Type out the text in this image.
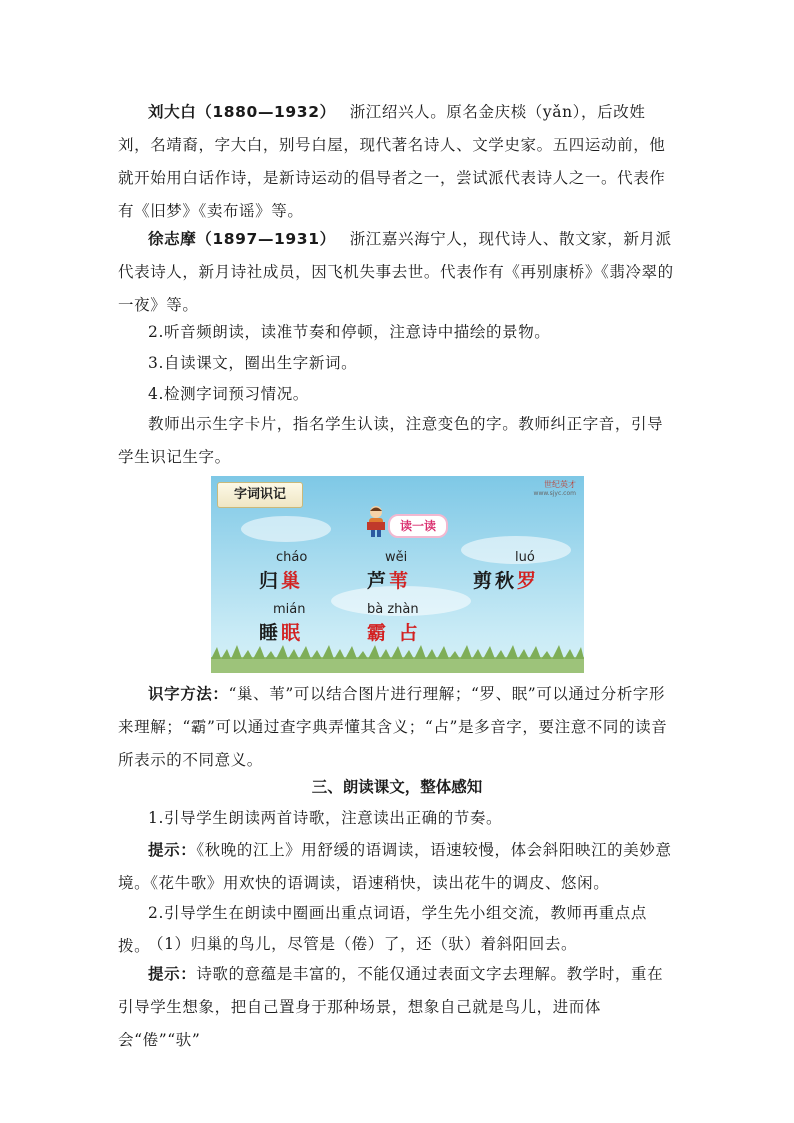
刘大白（1880—1932） 浙江绍兴人。原名金庆棪（yǎn），后改姓刘，名靖裔，字大白，别号白屋，现代著名诗人、文学史家。五四运动前，他就开始用白话作诗，是新诗运动的倡导者之一，尝试派代表诗人之一。代表作有《旧梦》《卖布谣》等。

徐志摩（1897—1931） 浙江嘉兴海宁人，现代诗人、散文家，新月派代表诗人，新月诗社成员，因飞机失事去世。代表作有《再别康桥》《翡冷翠的一夜》等。

2.听音频朗读，读准节奏和停顿，注意诗中描绘的景物。

3.自读课文，圈出生字新词。

4.检测字词预习情况。

教师出示生字卡片，指名学生认读，注意变色的字。教师纠正字音，引导学生识记生字。

字词识记
世纪英才
www.sjyc.com
读一读
cháo
归巢
wěi
芦苇
luó
剪秋罗
mián
睡眠
bà zhàn
霸 占

识字方法：“巢、苇”可以结合图片进行理解；“罗、眠”可以通过分析字形来理解；“霸”可以通过查字典弄懂其含义；“占”是多音字，要注意不同的读音所表示的不同意义。

三、朗读课文，整体感知

1.引导学生朗读两首诗歌，注意读出正确的节奏。

提示：《秋晚的江上》用舒缓的语调读，语速较慢，体会斜阳映江的美妙意境。《花牛歌》用欢快的语调读，语速稍快，读出花牛的调皮、悠闲。

2.引导学生在朗读中圈画出重点词语，学生先小组交流，教师再重点点拨。

（1）归巢的鸟儿，尽管是（倦）了，还（驮）着斜阳回去。

提示：诗歌的意蕴是丰富的，不能仅通过表面文字去理解。教学时，重在引导学生想象，把自己置身于那种场景，想象自己就是鸟儿，进而体会“倦”“驮”
